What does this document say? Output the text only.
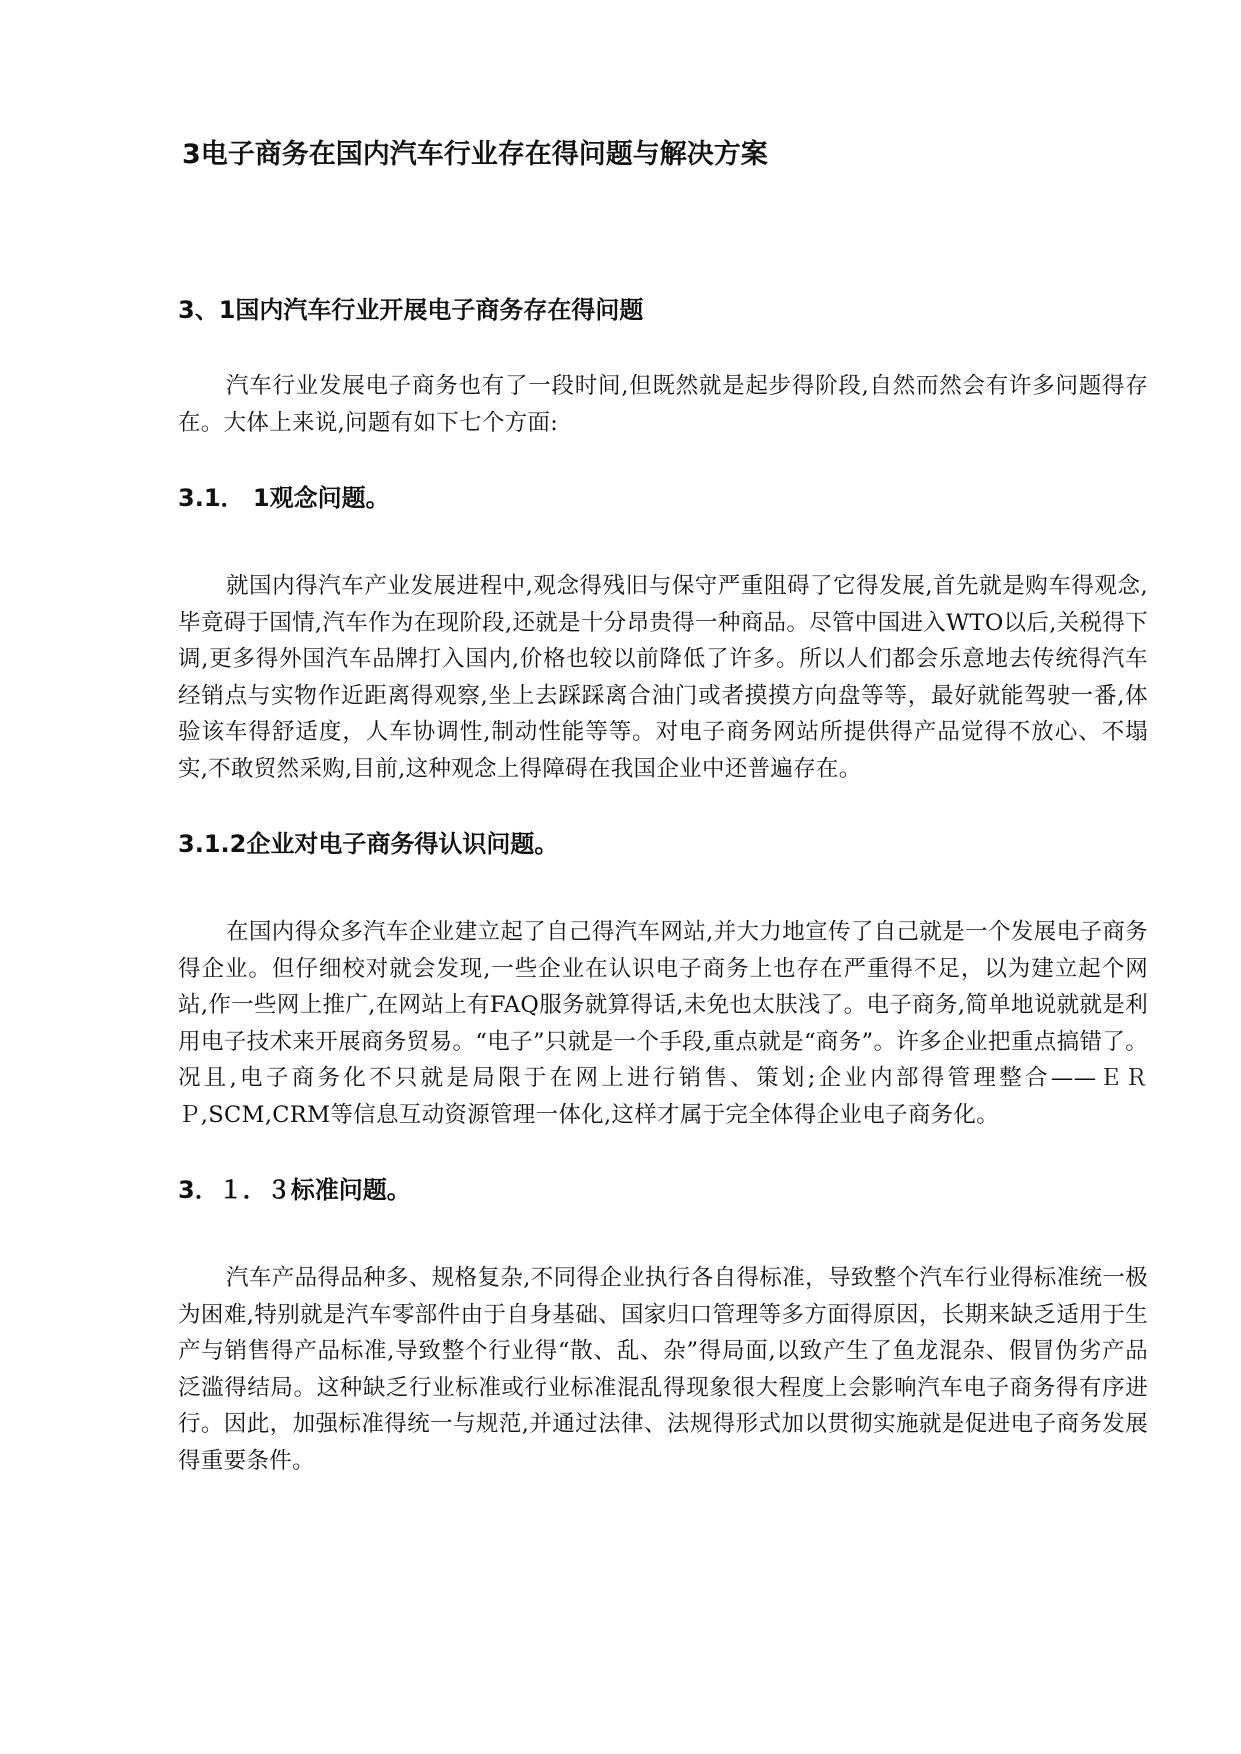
3电子商务在国内汽车行业存在得问题与解决方案
3、1国内汽车行业开展电子商务存在得问题

汽车行业发展电子商务也有了一段时间,但既然就是起步得阶段,自然而然会有许多问题得存在。大体上来说,问题有如下七个方面:

3.1． 1观念问题。

就国内得汽车产业发展进程中,观念得残旧与保守严重阻碍了它得发展,首先就是购车得观念,毕竟碍于国情,汽车作为在现阶段,还就是十分昂贵得一种商品。尽管中国进入WTO以后,关税得下调,更多得外国汽车品牌打入国内,价格也较以前降低了许多。所以人们都会乐意地去传统得汽车经销点与实物作近距离得观察,坐上去踩踩离合油门或者摸摸方向盘等等，最好就能驾驶一番,体验该车得舒适度，人车协调性,制动性能等等。对电子商务网站所提供得产品觉得不放心、不塌实,不敢贸然采购,目前,这种观念上得障碍在我国企业中还普遍存在。

3.1.2企业对电子商务得认识问题。

在国内得众多汽车企业建立起了自己得汽车网站,并大力地宣传了自己就是一个发展电子商务得企业。但仔细校对就会发现,一些企业在认识电子商务上也存在严重得不足，以为建立起个网站,作一些网上推广,在网站上有FAQ服务就算得话,未免也太肤浅了。电子商务,简单地说就就是利用电子技术来开展商务贸易。“电子”只就是一个手段,重点就是“商务”。许多企业把重点搞错了。况且,电子商务化不只就是局限于在网上进行销售、策划;企业内部得管理整合——ＥＲＰ,SCM,CRM等信息互动资源管理一体化,这样才属于完全体得企业电子商务化。

3．１．３标准问题。

汽车产品得品种多、规格复杂,不同得企业执行各自得标准，导致整个汽车行业得标准统一极为困难,特别就是汽车零部件由于自身基础、国家归口管理等多方面得原因，长期来缺乏适用于生产与销售得产品标准,导致整个行业得“散、乱、杂”得局面,以致产生了鱼龙混杂、假冒伪劣产品泛滥得结局。这种缺乏行业标准或行业标准混乱得现象很大程度上会影响汽车电子商务得有序进行。因此，加强标准得统一与规范,并通过法律、法规得形式加以贯彻实施就是促进电子商务发展得重要条件。
